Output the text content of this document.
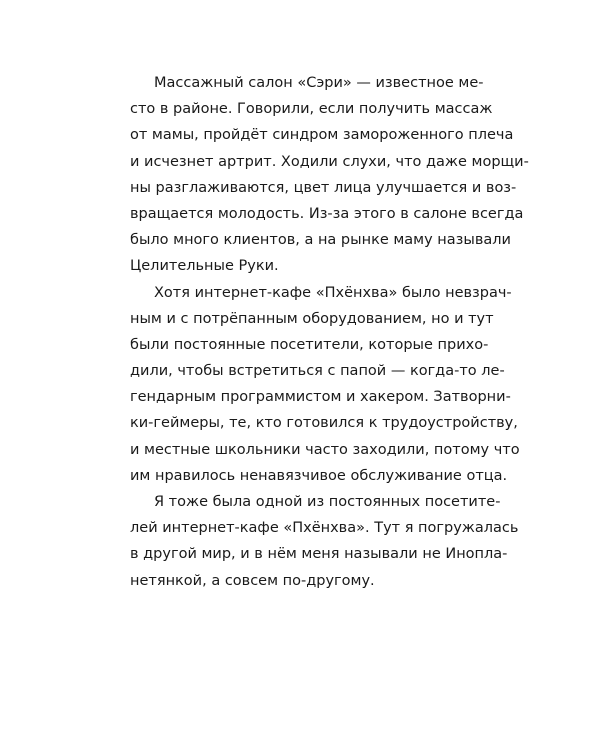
Массажный салон «Сэри» — известное ме-
сто в районе. Говорили, если получить массаж
от мамы, пройдёт синдром замороженного плеча
и исчезнет артрит. Ходили слухи, что даже морщи-
ны разглаживаются, цвет лица улучшается и воз-
вращается молодость. Из-за этого в салоне всегда
было много клиентов, а на рынке маму называли
Целительные Руки.
Хотя интернет-кафе «Пхёнхва» было невзрач-
ным и с потрёпанным оборудованием, но и тут
были постоянные посетители, которые прихо-
дили, чтобы встретиться с папой — когда-то ле-
гендарным программистом и хакером. Затворни-
ки-геймеры, те, кто готовился к трудоустройству,
и местные школьники часто заходили, потому что
им нравилось ненавязчивое обслуживание отца.
Я тоже была одной из постоянных посетите-
лей интернет-кафе «Пхёнхва». Тут я погружалась
в другой мир, и в нём меня называли не Инопла-
нетянкой, а совсем по-другому.
